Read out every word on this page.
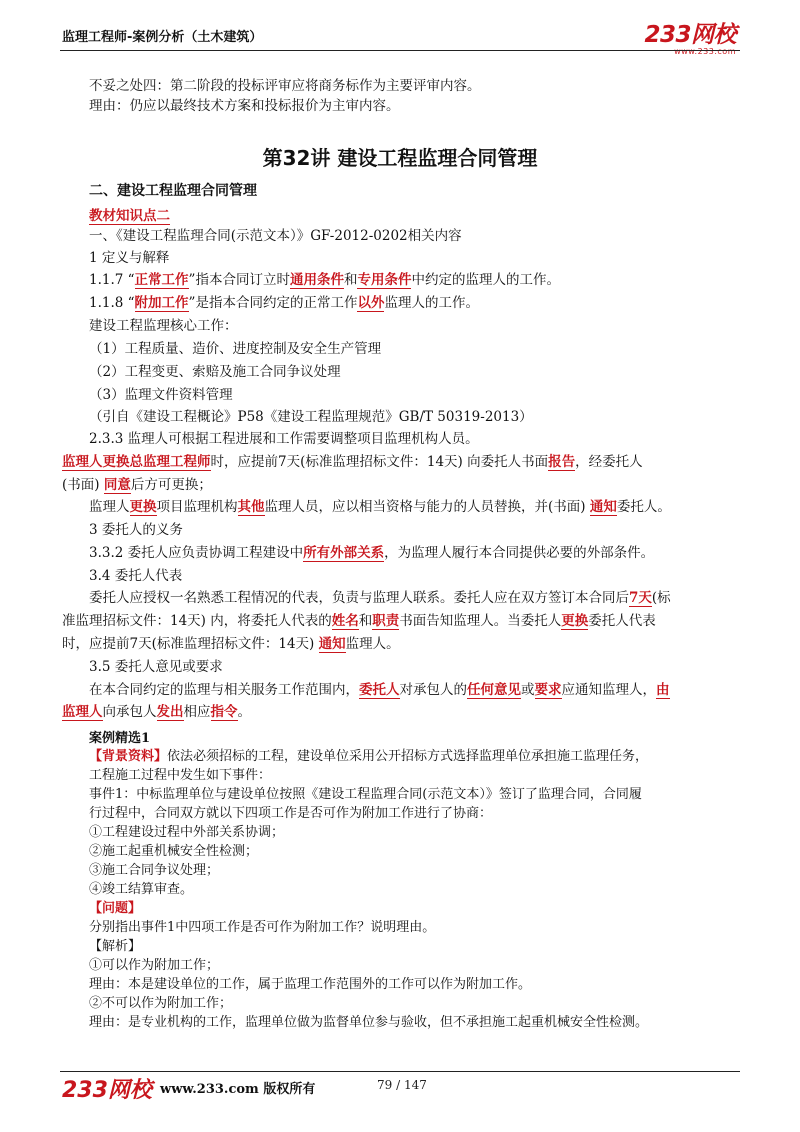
监理工程师-案例分析（土木建筑）	233网校
www.233.com
不妥之处四：第二阶段的投标评审应将商务标作为主要评审内容。
理由：仍应以最终技术方案和投标报价为主审内容。
第32讲 建设工程监理合同管理
二、建设工程监理合同管理
教材知识点二
一、《建设工程监理合同(示范文本）》GF-2012-0202相关内容
1 定义与解释
1.1.7 “正常工作”指本合同订立时通用条件和专用条件中约定的监理人的工作。
1.1.8 “附加工作”是指本合同约定的正常工作以外监理人的工作。
建设工程监理核心工作：
（1）工程质量、造价、进度控制及安全生产管理
（2）工程变更、索赔及施工合同争议处理
（3）监理文件资料管理
（引自《建设工程概论》P58《建设工程监理规范》GB/T 50319-2013）
2.3.3 监理人可根据工程进展和工作需要调整项目监理机构人员。
监理人更换总监理工程师时，应提前7天(标准监理招标文件：14天) 向委托人书面报告，经委托人
(书面) 同意后方可更换；
监理人更换项目监理机构其他监理人员，应以相当资格与能力的人员替换，并(书面) 通知委托人。
3 委托人的义务
3.3.2 委托人应负责协调工程建设中所有外部关系，为监理人履行本合同提供必要的外部条件。
3.4 委托人代表
委托人应授权一名熟悉工程情况的代表，负责与监理人联系。委托人应在双方签订本合同后7天(标
准监理招标文件：14天) 内，将委托人代表的姓名和职责书面告知监理人。当委托人更换委托人代表
时，应提前7天(标准监理招标文件：14天) 通知监理人。
3.5 委托人意见或要求
在本合同约定的监理与相关服务工作范围内，委托人对承包人的任何意见或要求应通知监理人，由
监理人向承包人发出相应指令。
案例精选1
【背景资料】依法必须招标的工程，建设单位采用公开招标方式选择监理单位承担施工监理任务，
工程施工过程中发生如下事件：
事件1：中标监理单位与建设单位按照《建设工程监理合同(示范文本）》签订了监理合同，合同履
行过程中，合同双方就以下四项工作是否可作为附加工作进行了协商：
①工程建设过程中外部关系协调；
②施工起重机械安全性检测；
③施工合同争议处理；
④竣工结算审查。
【问题】
分别指出事件1中四项工作是否可作为附加工作？说明理由。
【解析】
①可以作为附加工作；
理由：本是建设单位的工作，属于监理工作范围外的工作可以作为附加工作。
②不可以作为附加工作；
理由：是专业机构的工作，监理单位做为监督单位参与验收，但不承担施工起重机械安全性检测。
233网校 www.233.com 版权所有	79 / 147
